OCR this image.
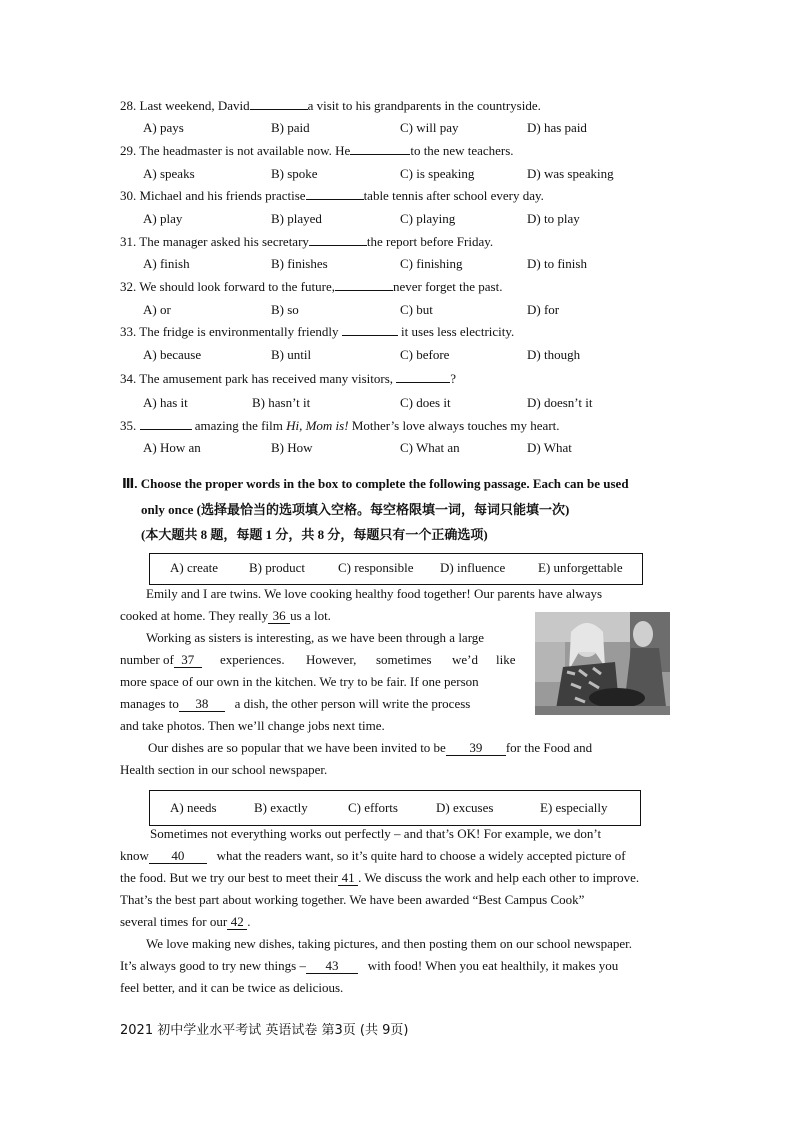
28. Last weekend, David	a visit to his grandparents in the countryside.
A) pays	B) paid	C) will pay	D) has paid
29. The headmaster is not available now. He	to the new teachers.
A) speaks	B) spoke	C) is speaking	D) was speaking
30. Michael and his friends practise	table tennis after school every day.
A) play	B) played	C) playing	D) to play
31. The manager asked his secretary	the report before Friday.
A) finish	B) finishes	C) finishing	D) to finish
32. We should look forward to the future,	never forget the past.
A) or	B) so	C) but	D) for
33. The fridge is environmentally friendly	it uses less electricity.
A) because	B) until	C) before	D) though
34. The amusement park has received many visitors,	?
A) has it	B) hasn’t it	C) does it	D) doesn’t it
35.	amazing the film Hi, Mom is! Mother’s love always touches my heart.
A) How an	B) How	C) What an	D) What
Ⅲ. Choose the proper words in the box to complete the following passage. Each can be used
only once (选择最恰当的选项填入空格。每空格限填一词，每词只能填一次)
(本大题共 8 题，每题 1 分，共 8 分，每题只有一个正确选项)
A) create B) product	C) responsible D) influence	E) unforgettable
Emily and I are twins. We love cooking healthy food together! Our parents have always
cooked at home. They really 36 us a lot.
Working as sisters is interesting, as we have been through a large
number of 37 experiences. However, sometimes we’d like
more space of our own in the kitchen. We try to be fair. If one person
manages to 38 a dish, the other person will write the process
and take photos. Then we’ll change jobs next time.
Our dishes are so popular that we have been invited to be 39 for the Food and
Health section in our school newspaper.
A) needs	B) exactly	C) efforts	D) excuses	E) especially
Sometimes not everything works out perfectly – and that’s OK! For example, we don’t
know 40 what the readers want, so it’s quite hard to choose a widely accepted picture of
the food. But we try our best to meet their 41 . We discuss the work and help each other to improve.
That’s the best part about working together. We have been awarded “Best Campus Cook”
several times for our 42 .
We love making new dishes, taking pictures, and then posting them on our school newspaper.
It’s always good to try new things – 43 with food! When you eat healthily, it makes you
feel better, and it can be twice as delicious.
2021 初中学业水平考试 英语试卷 第3页 (共 9页)
